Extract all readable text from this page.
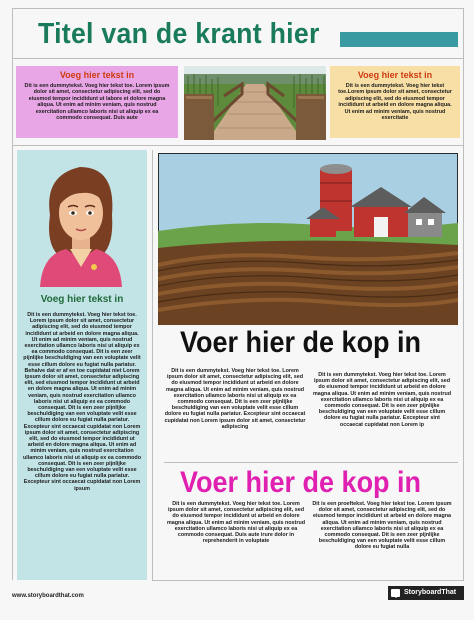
Titel van de krant hier
Voeg hier tekst in
Dit is een dummytekst. Voeg hier tekst toe. Lorem ipsum dolor sit amet, consectetur adipiscing elit, sed do eiusmod tempor incididunt ut labore et dolore magna aliqua. Ut enim ad minim veniam, quis nostrud exercitation ullamco laboris nisi ut aliquip ex ea commodo consequat. Duis aute
Voeg hier tekst in
Dit is een dummytekst. Voeg hier tekst toe.Lorem ipsum dolor sit amet, consectetur adipiscing elit, sed do eiusmod tempor incididunt ut arbeid en dolore magna aliqua. Ut enim ad minim veniam, quis nostrud exercitatie
Voeg hier tekst in
Dit is een dummytekst. Voeg hier tekst toe. Lorem ipsum dolor sit amet, consectetur adipiscing elit, sed do eiusmod tempor incididunt ut arbeid en dolore magna aliqua. Ut enim ad minim veniam, quis nostrud exercitation ullamco laboris nisi ut aliquip ex ea commodo consequat. Dit is een zeer pijnlijke beschuldiging van een voluptate velit esse cillum dolore eu fugiat nulla pariatur. Behalve dat er af en toe cupidatat niet Lorem ipsum dolor sit amet, consectetur adipiscing elit, sed eiusmod tempor incididunt ut arbeid en dolore magna aliqua. Ut enim ad minim veniam, quis nostrud exercitation ullamco laboris nisi ut aliquip ex ea commodo consequat. Dit is een zeer pijnlijke beschuldiging van een voluptate velit esse cillum dolore eu fugiat nulla pariatur. Excepteur sint occaecat cupidatat non Lorem ipsum dolor sit amet, consectetur adipiscing elit, sed do eiusmod tempor incididunt ut arbeid en dolore magna aliqua. Ut enim ad minim veniam, quis nostrud exercitation ullamco laboris nisi ut aliquip ex ea commodo consequat. Dit is een zeer pijnlijke beschuldiging van een voluptate velit esse cillum dolore eu fugiat nulla pariatur. Excepteur sint occaecat cupidatat non Lorem ipsum
Voer hier de kop in
Dit is een dummytekst. Voeg hier tekst toe. Lorem ipsum dolor sit amet, consectetur adipiscing elit, sed do eiusmod tempor incididunt ut arbeid en dolore magna aliqua. Ut enim ad minim veniam, quis nostrud exercitation ullamco laboris nisi ut aliquip ex ea commodo consequat. Dit is een zeer pijnlijke beschuldiging van een voluptate velit esse cillum dolore eu fugiat nulla pariatur. Excepteur sint occaecat cupidatat non Lorem ipsum dolor sit amet, consectetur adipiscing
Dit is een dummytekst. Voeg hier tekst toe. Lorem ipsum dolor sit amet, consectetur adipiscing elit, sed do eiusmod tempor incididunt ut arbeid en dolore magna aliqua. Ut enim ad minim veniam, quis nostrud exercitation ullamco laboris nisi ut aliquip ex ea commodo consequat. Dit is een zeer pijnlijke beschuldiging van een voluptate velit esse cillum dolore eu fugiat nulla pariatur. Excepteur sint occaecat cupidatat non Lorem ip
Voer hier de kop in
Dit is een dummytekst. Voeg hier tekst toe. Lorem ipsum dolor sit amet, consectetur adipiscing elit, sed do eiusmod tempor incididunt ut arbeid en dolore magna aliqua. Ut enim ad minim veniam, quis nostrud exercitation ullamco laboris nisi ut aliquip ex ea commodo consequat. Duis aute irure dolor in reprehenderit in voluptate
Dit is een proeftekst. Voeg hier tekst toe. Lorem ipsum dolor sit amet, consectetur adipiscing elit, sed do eiusmod tempor incididunt ut arbeid en dolore magna aliqua. Ut enim ad minim veniam, quis nostrud exercitation ullamco laboris nisi ut aliquip ex ea commodo consequat. Dit is een zeer pijnlijke beschuldiging van een voluptate velit esse cillum dolore eu fugiat nulla
www.storyboardthat.com	StoryboardThat
